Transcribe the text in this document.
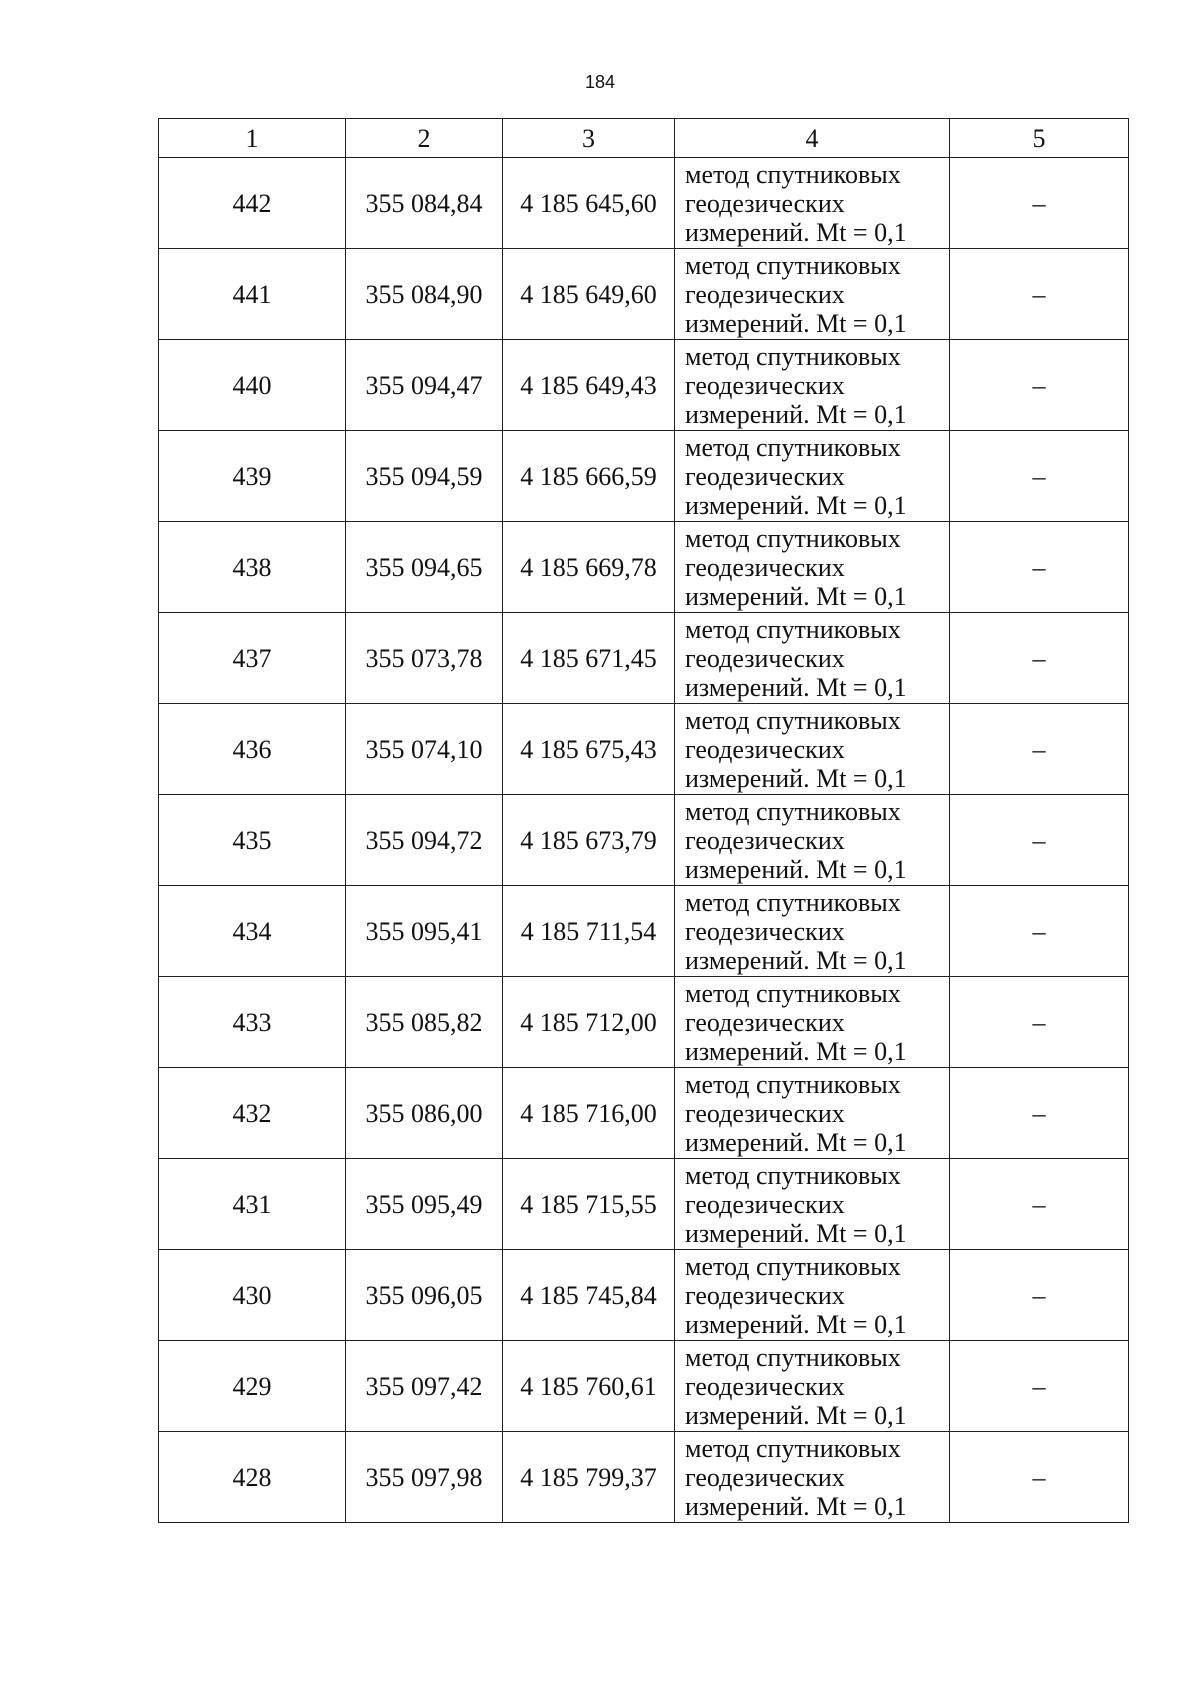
184
1	2	3	4	5
442	355 084,84	4 185 645,60	метод спутниковых геодезических измерений. Mt = 0,1	–
441	355 084,90	4 185 649,60	метод спутниковых геодезических измерений. Mt = 0,1	–
440	355 094,47	4 185 649,43	метод спутниковых геодезических измерений. Mt = 0,1	–
439	355 094,59	4 185 666,59	метод спутниковых геодезических измерений. Mt = 0,1	–
438	355 094,65	4 185 669,78	метод спутниковых геодезических измерений. Mt = 0,1	–
437	355 073,78	4 185 671,45	метод спутниковых геодезических измерений. Mt = 0,1	–
436	355 074,10	4 185 675,43	метод спутниковых геодезических измерений. Mt = 0,1	–
435	355 094,72	4 185 673,79	метод спутниковых геодезических измерений. Mt = 0,1	–
434	355 095,41	4 185 711,54	метод спутниковых геодезических измерений. Mt = 0,1	–
433	355 085,82	4 185 712,00	метод спутниковых геодезических измерений. Mt = 0,1	–
432	355 086,00	4 185 716,00	метод спутниковых геодезических измерений. Mt = 0,1	–
431	355 095,49	4 185 715,55	метод спутниковых геодезических измерений. Mt = 0,1	–
430	355 096,05	4 185 745,84	метод спутниковых геодезических измерений. Mt = 0,1	–
429	355 097,42	4 185 760,61	метод спутниковых геодезических измерений. Mt = 0,1	–
428	355 097,98	4 185 799,37	метод спутниковых геодезических измерений. Mt = 0,1	–
